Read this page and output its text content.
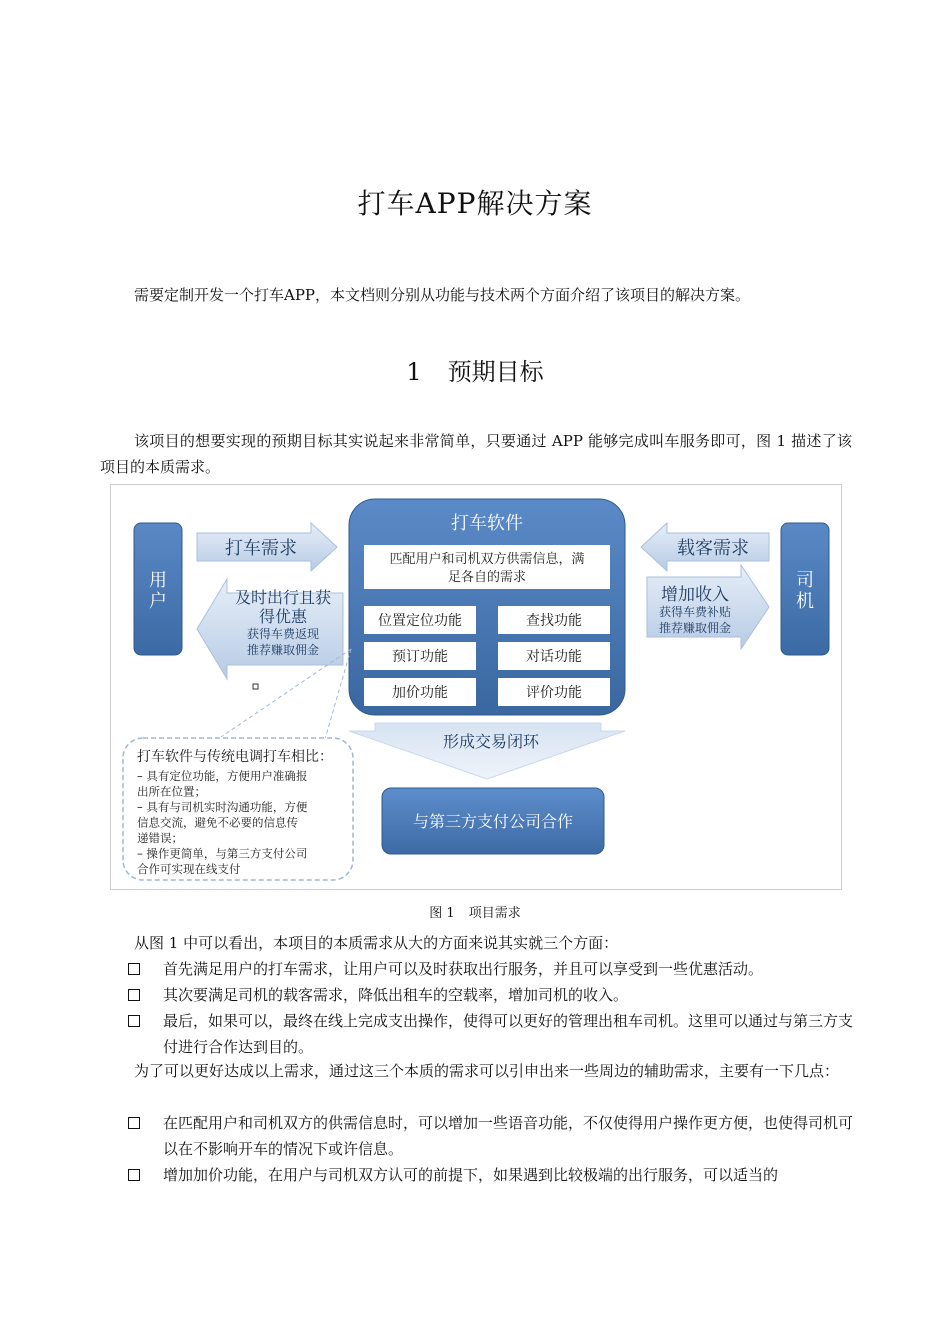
打车APP解决方案
需要定制开发一个打车APP，本文档则分别从功能与技术两个方面介绍了该项目的解决方案。
1 预期目标
该项目的想要实现的预期目标其实说起来非常简单，只要通过 APP 能够完成叫车服务即可，图 1 描述了该项目的本质需求。
用
户
司
机
打车需求
及时出行且获
得优惠
获得车费返现
推荐赚取佣金
载客需求
增加收入
获得车费补贴
推荐赚取佣金
打车软件
匹配用户和司机双方供需信息，满
足各自的需求
位置定位功能	查找功能
预订功能	对话功能
加价功能	评价功能
形成交易闭环
与第三方支付公司合作
打车软件与传统电调打车相比：
– 具有定位功能，方便用户准确报
出所在位置；
– 具有与司机实时沟通功能，方便
信息交流，避免不必要的信息传
递错误；
– 操作更简单，与第三方支付公司
合作可实现在线支付
图 1 项目需求
从图 1 中可以看出，本项目的本质需求从大的方面来说其实就三个方面：
首先满足用户的打车需求，让用户可以及时获取出行服务，并且可以享受到一些优惠活动。
其次要满足司机的载客需求，降低出租车的空载率，增加司机的收入。
最后，如果可以，最终在线上完成支出操作，使得可以更好的管理出租车司机。这里可以通过与第三方支付进行合作达到目的。
为了可以更好达成以上需求，通过这三个本质的需求可以引申出来一些周边的辅助需求，主要有一下几点：
在匹配用户和司机双方的供需信息时，可以增加一些语音功能，不仅使得用户操作更方便，也使得司机可以在不影响开车的情况下或许信息。
增加加价功能，在用户与司机双方认可的前提下，如果遇到比较极端的出行服务，可以适当的
